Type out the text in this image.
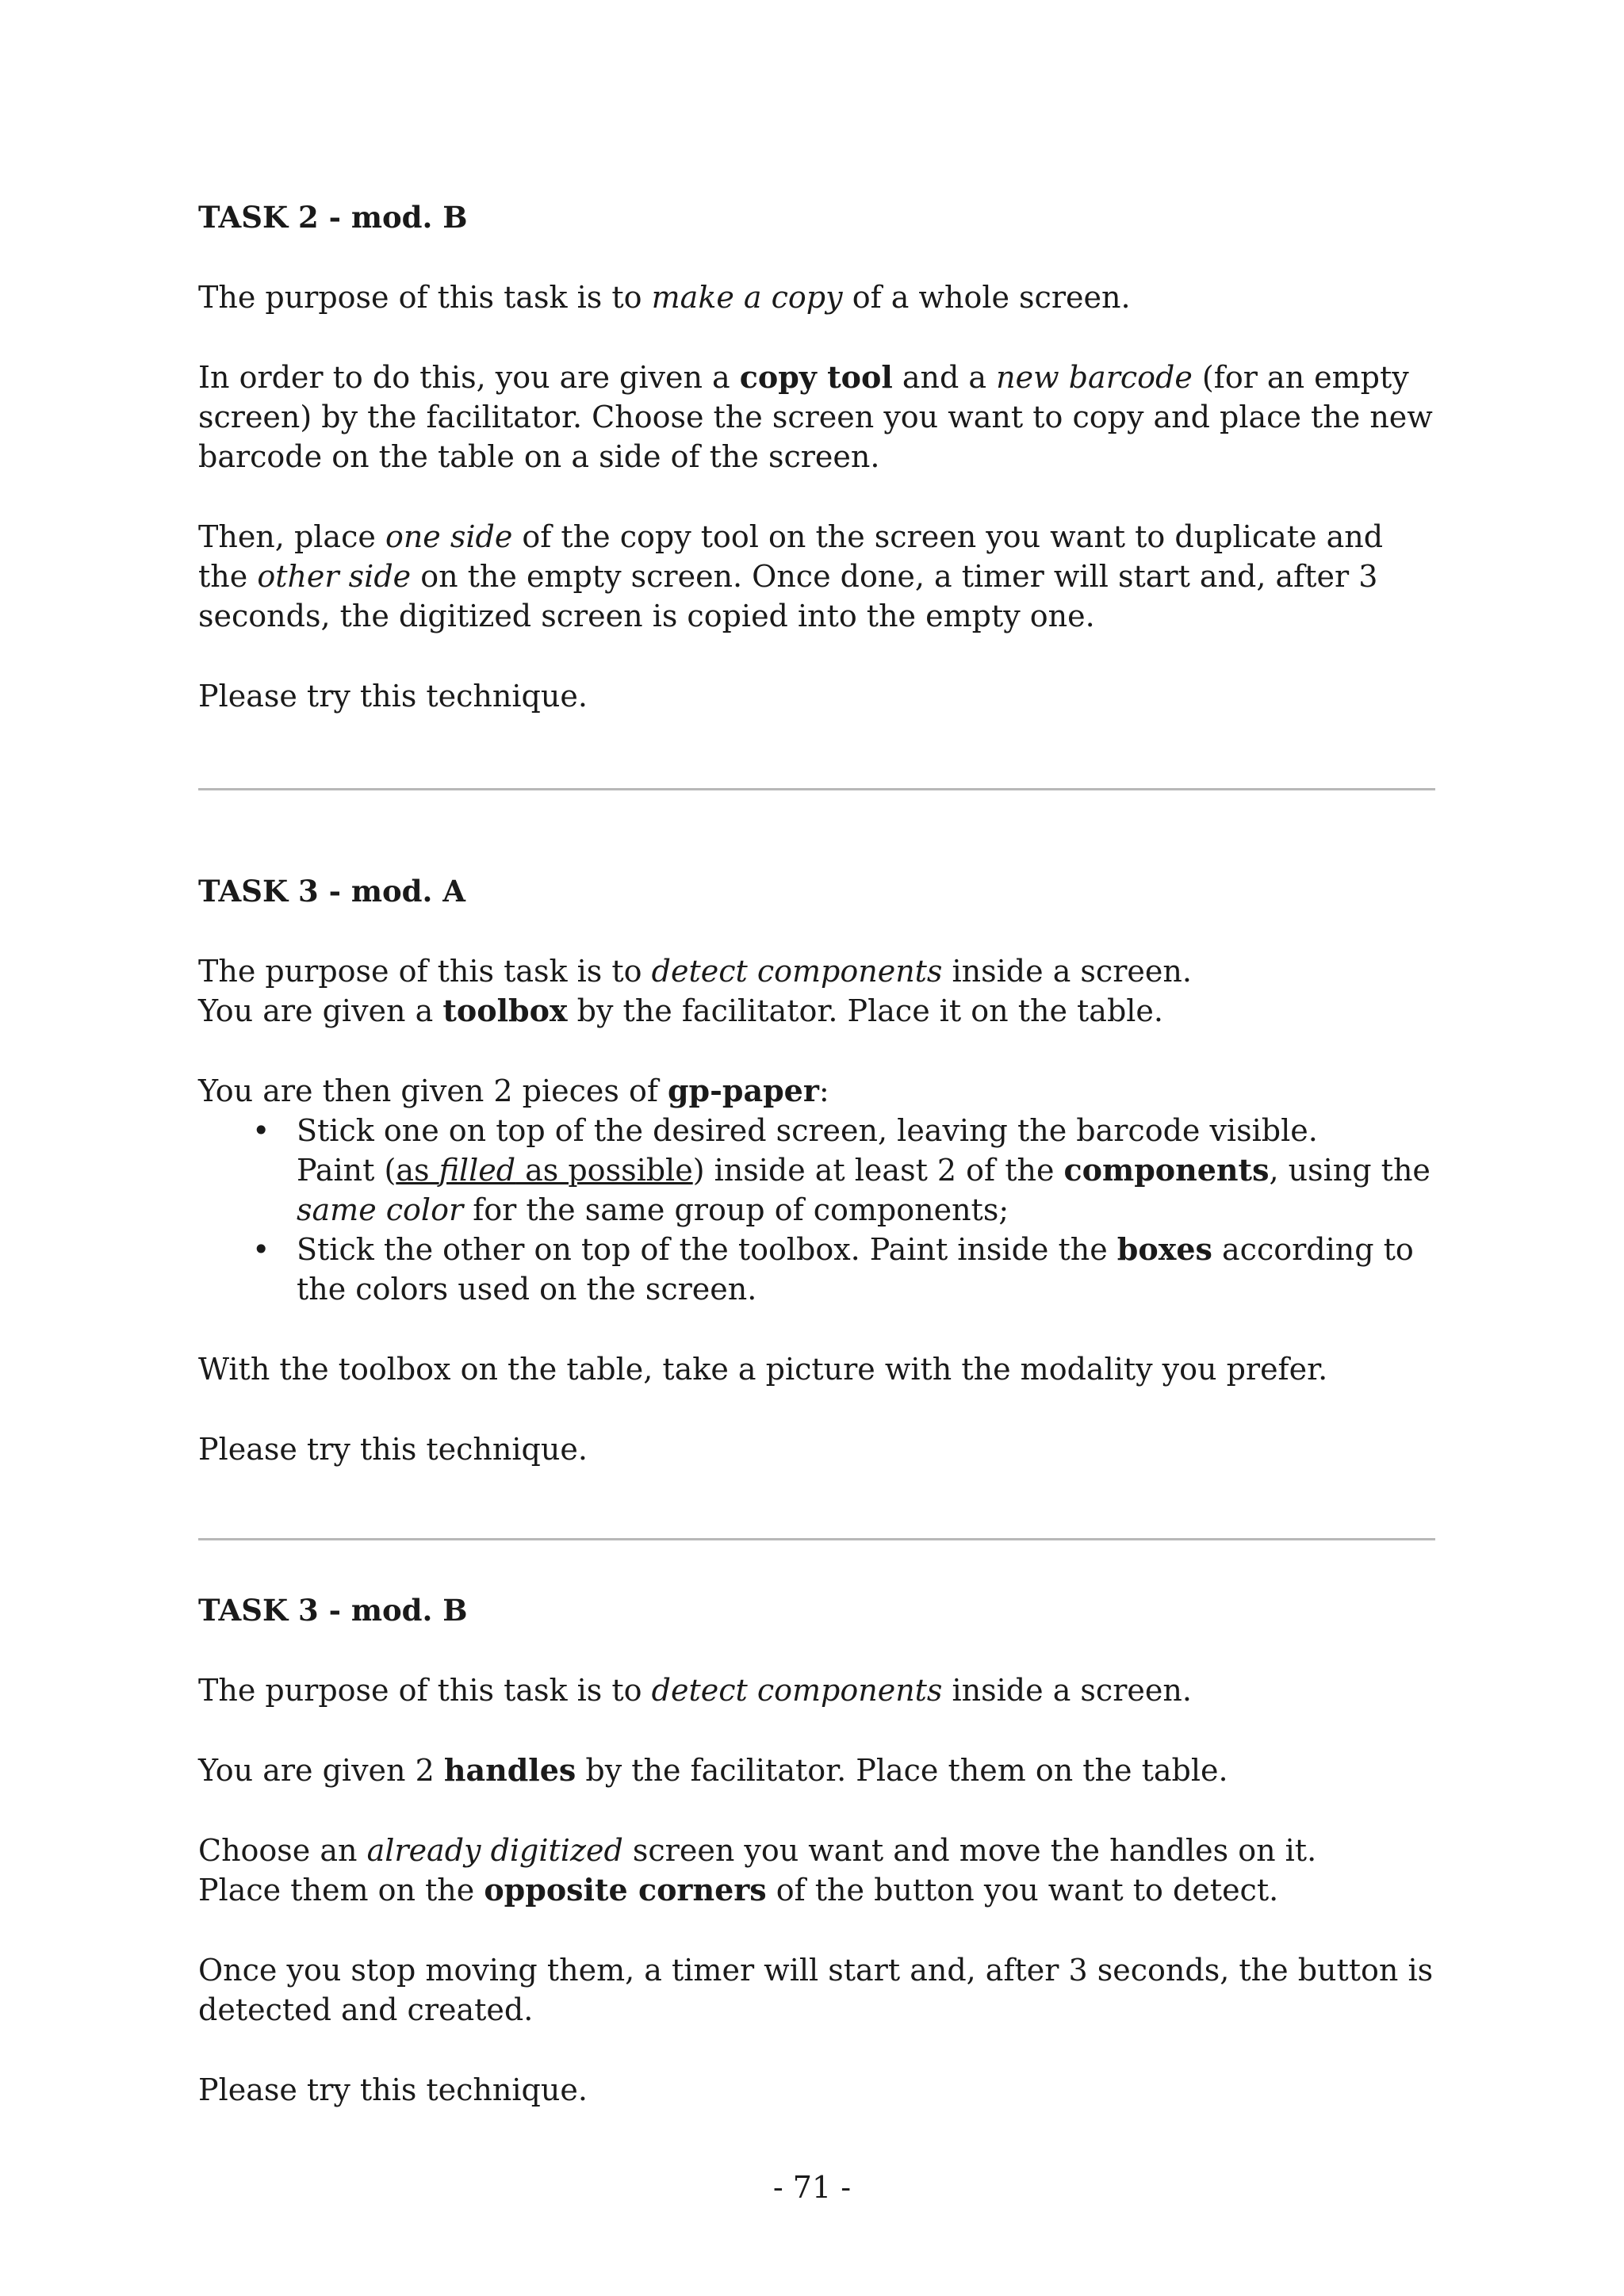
TASK 2 - mod. B

The purpose of this task is to make a copy of a whole screen.

In order to do this, you are given a copy tool and a new barcode (for an empty screen) by the facilitator. Choose the screen you want to copy and place the new barcode on the table on a side of the screen.

Then, place one side of the copy tool on the screen you want to duplicate and the other side on the empty screen. Once done, a timer will start and, after 3 seconds, the digitized screen is copied into the empty one.

Please try this technique.

TASK 3 - mod. A

The purpose of this task is to detect components inside a screen.

You are given a toolbox by the facilitator. Place it on the table.

You are then given 2 pieces of gp-paper:

• Stick one on top of the desired screen, leaving the barcode visible.
Paint (as filled as possible) inside at least 2 of the components, using the same color for the same group of components;
• Stick the other on top of the toolbox. Paint inside the boxes according to the colors used on the screen.

With the toolbox on the table, take a picture with the modality you prefer.

Please try this technique.

TASK 3 - mod. B

The purpose of this task is to detect components inside a screen.

You are given 2 handles by the facilitator. Place them on the table.

Choose an already digitized screen you want and move the handles on it.

Place them on the opposite corners of the button you want to detect.

Once you stop moving them, a timer will start and, after 3 seconds, the button is detected and created.

Please try this technique.

- 71 -
